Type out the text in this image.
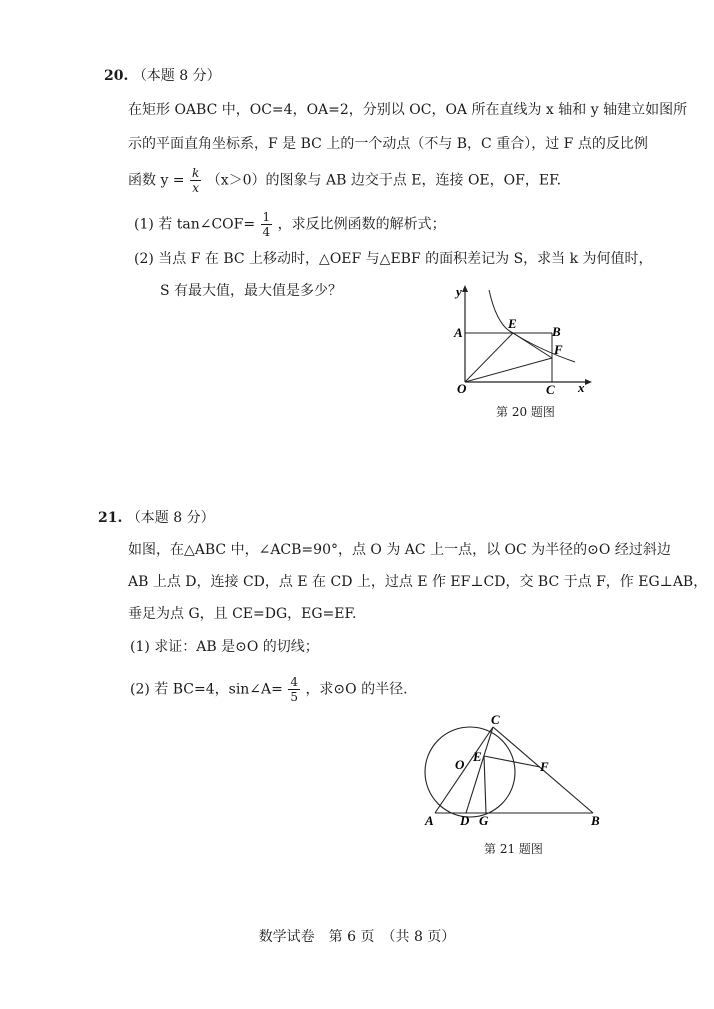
20. （本题 8 分）
在矩形 OABC 中，OC=4，OA=2，分别以 OC，OA 所在直线为 x 轴和 y 轴建立如图所
示的平面直角坐标系，F 是 BC 上的一个动点（不与 B，C 重合），过 F 点的反比例
函数 $y = \frac{k}{x} (x>0)$的图象与 AB 边交于点 E，连接 OE，OF，EF.
(1) 若 tan∠COF= $\frac{1}{4}$ ，求反比例函数的解析式；
(2) 当点 F 在 BC 上移动时，△OEF 与△EBF 的面积差记为 S，求当 k 为何值时，
S 有最大值，最大值是多少？	y
x
A
E
B
F
O	C
第 20 题图
21. （本题 8 分）
如图，在△ABC 中，∠ACB=90°，点 O 为 AC 上一点，以 OC 为半径的⊙O 经过斜边
AB 上点 D，连接 CD，点 E 在 CD 上，过点 E 作 EF⊥CD，交 BC 于点 F，作 EG⊥AB，
垂足为点 G，且 CE=DG，EG=EF.
(1) 求证：AB 是⊙O 的切线；
(2) 若 BC=4，sin∠A= $\frac{4}{5}$ ，求⊙O 的半径.
C
O
E
F
A D G	B
第 21 题图
数学试卷　第 6 页　（共 8 页）
